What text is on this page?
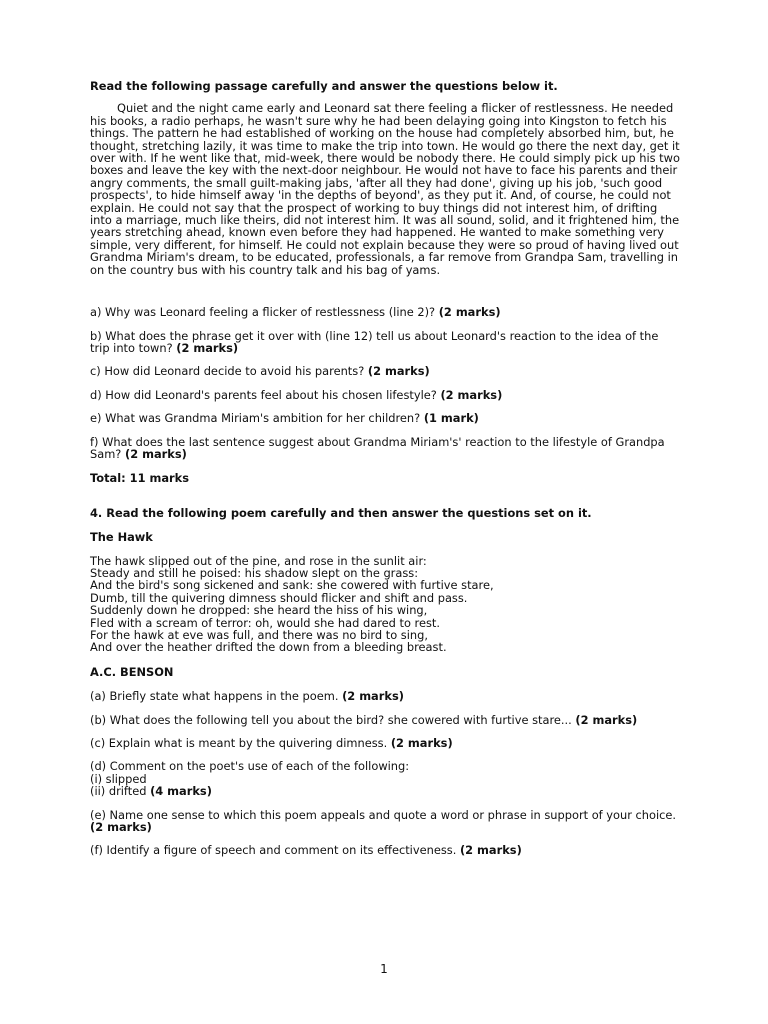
Read the following passage carefully and answer the questions below it.

Quiet and the night came early and Leonard sat there feeling a flicker of restlessness. He needed his books, a radio perhaps, he wasn't sure why he had been delaying going into Kingston to fetch his things. The pattern he had established of working on the house had completely absorbed him, but, he thought, stretching lazily, it was time to make the trip into town. He would go there the next day, get it over with. If he went like that, mid-week, there would be nobody there. He could simply pick up his two boxes and leave the key with the next-door neighbour. He would not have to face his parents and their angry comments, the small guilt-making jabs, 'after all they had done', giving up his job, 'such good prospects', to hide himself away 'in the depths of beyond', as they put it. And, of course, he could not explain. He could not say that the prospect of working to buy things did not interest him, of drifting into a marriage, much like theirs, did not interest him. It was all sound, solid, and it frightened him, the years stretching ahead, known even before they had happened. He wanted to make something very simple, very different, for himself. He could not explain because they were so proud of having lived out Grandma Miriam's dream, to be educated, professionals, a far remove from Grandpa Sam, travelling in on the country bus with his country talk and his bag of yams.

a) Why was Leonard feeling a flicker of restlessness (line 2)? (2 marks)

b) What does the phrase get it over with (line 12) tell us about Leonard's reaction to the idea of the trip into town? (2 marks)

c) How did Leonard decide to avoid his parents? (2 marks)

d) How did Leonard's parents feel about his chosen lifestyle? (2 marks)

e) What was Grandma Miriam's ambition for her children? (1 mark)

f) What does the last sentence suggest about Grandma Miriam's' reaction to the lifestyle of Grandpa Sam? (2 marks)

Total: 11 marks

4. Read the following poem carefully and then answer the questions set on it.

The Hawk

The hawk slipped out of the pine, and rose in the sunlit air:

Steady and still he poised: his shadow slept on the grass:

And the bird's song sickened and sank: she cowered with furtive stare,

Dumb, till the quivering dimness should flicker and shift and pass.

Suddenly down he dropped: she heard the hiss of his wing,

Fled with a scream of terror: oh, would she had dared to rest.

For the hawk at eve was full, and there was no bird to sing,

And over the heather drifted the down from a bleeding breast.

A.C. BENSON

(a) Briefly state what happens in the poem. (2 marks)

(b) What does the following tell you about the bird? she cowered with furtive stare... (2 marks)

(c) Explain what is meant by the quivering dimness. (2 marks)

(d) Comment on the poet's use of each of the following:

(i) slipped

(ii) drifted (4 marks)

(e) Name one sense to which this poem appeals and quote a word or phrase in support of your choice. (2 marks)

(f) Identify a figure of speech and comment on its effectiveness. (2 marks)

1
